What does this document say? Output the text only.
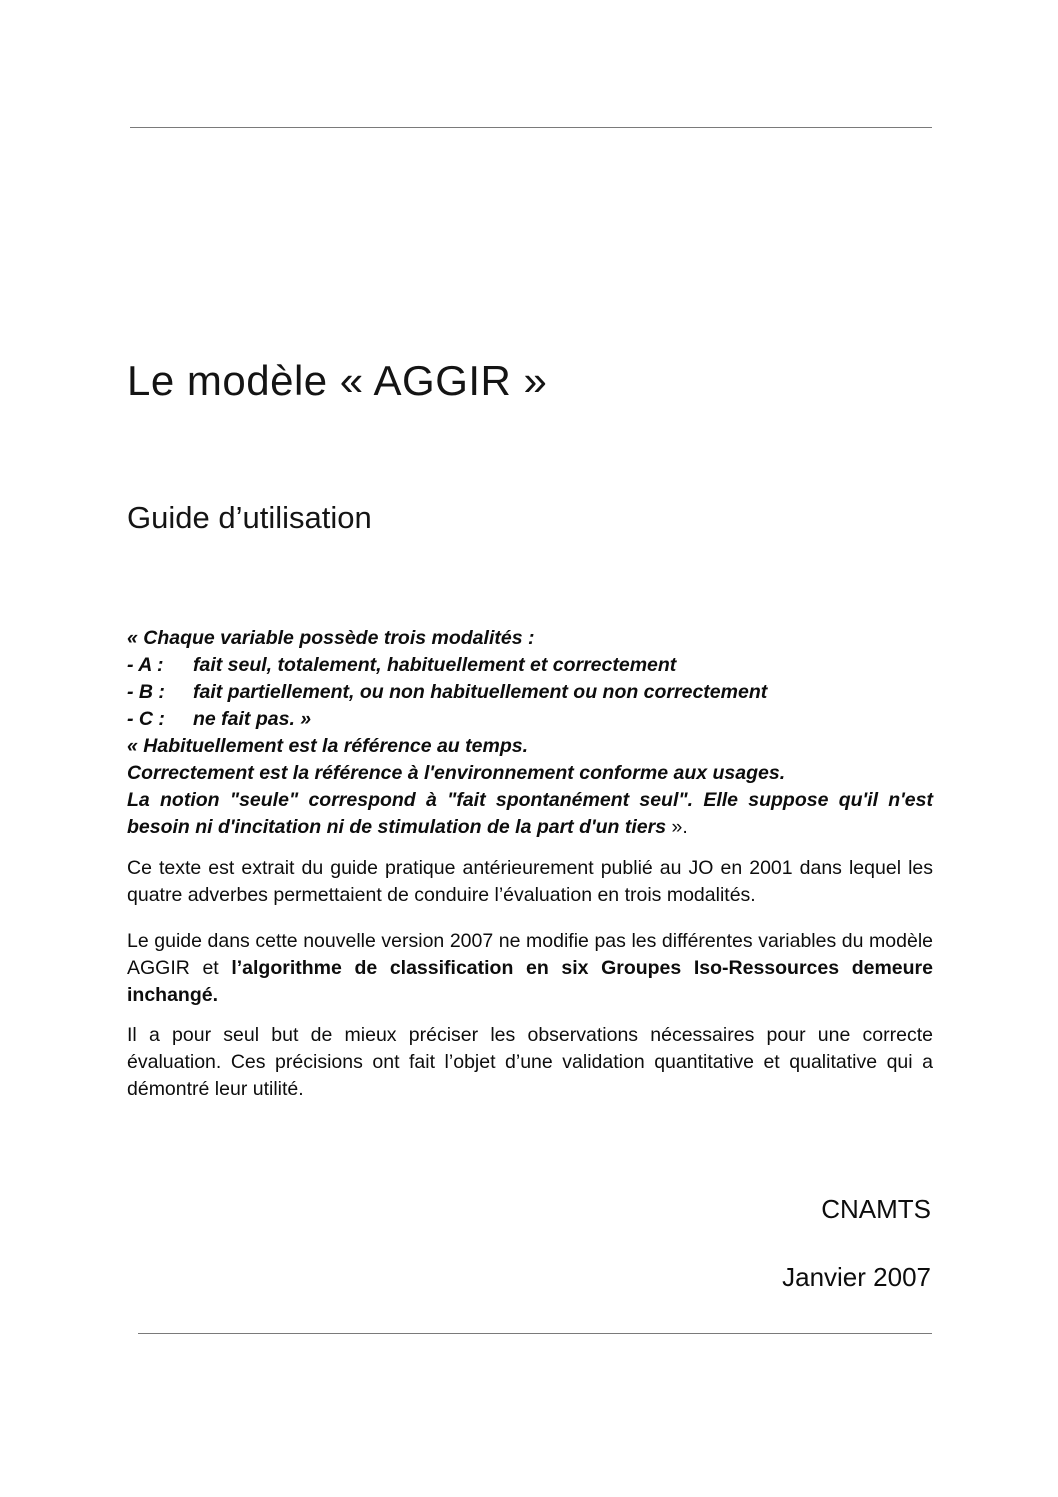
Le modèle « AGGIR »
Guide d’utilisation
« Chaque variable possède trois modalités :
- A :	fait seul, totalement, habituellement et correctement
- B :	fait partiellement, ou non habituellement ou non correctement
- C :	ne fait pas. »
« Habituellement est la référence au temps.
Correctement est la référence à l'environnement conforme aux usages.
La notion "seule" correspond à "fait spontanément seul". Elle suppose qu'il n'est besoin ni d'incitation ni de stimulation de la part d'un tiers ».

Ce texte est extrait du guide pratique antérieurement publié au JO en 2001 dans lequel les quatre adverbes permettaient de conduire l’évaluation en trois modalités.

Le guide dans cette nouvelle version 2007 ne modifie pas les différentes variables du modèle AGGIR et l’algorithme de classification en six Groupes Iso-Ressources demeure inchangé.

Il a pour seul but de mieux préciser les observations nécessaires pour une correcte évaluation. Ces précisions ont fait l’objet d’une validation quantitative et qualitative qui a démontré leur utilité.

CNAMTS
Janvier 2007
